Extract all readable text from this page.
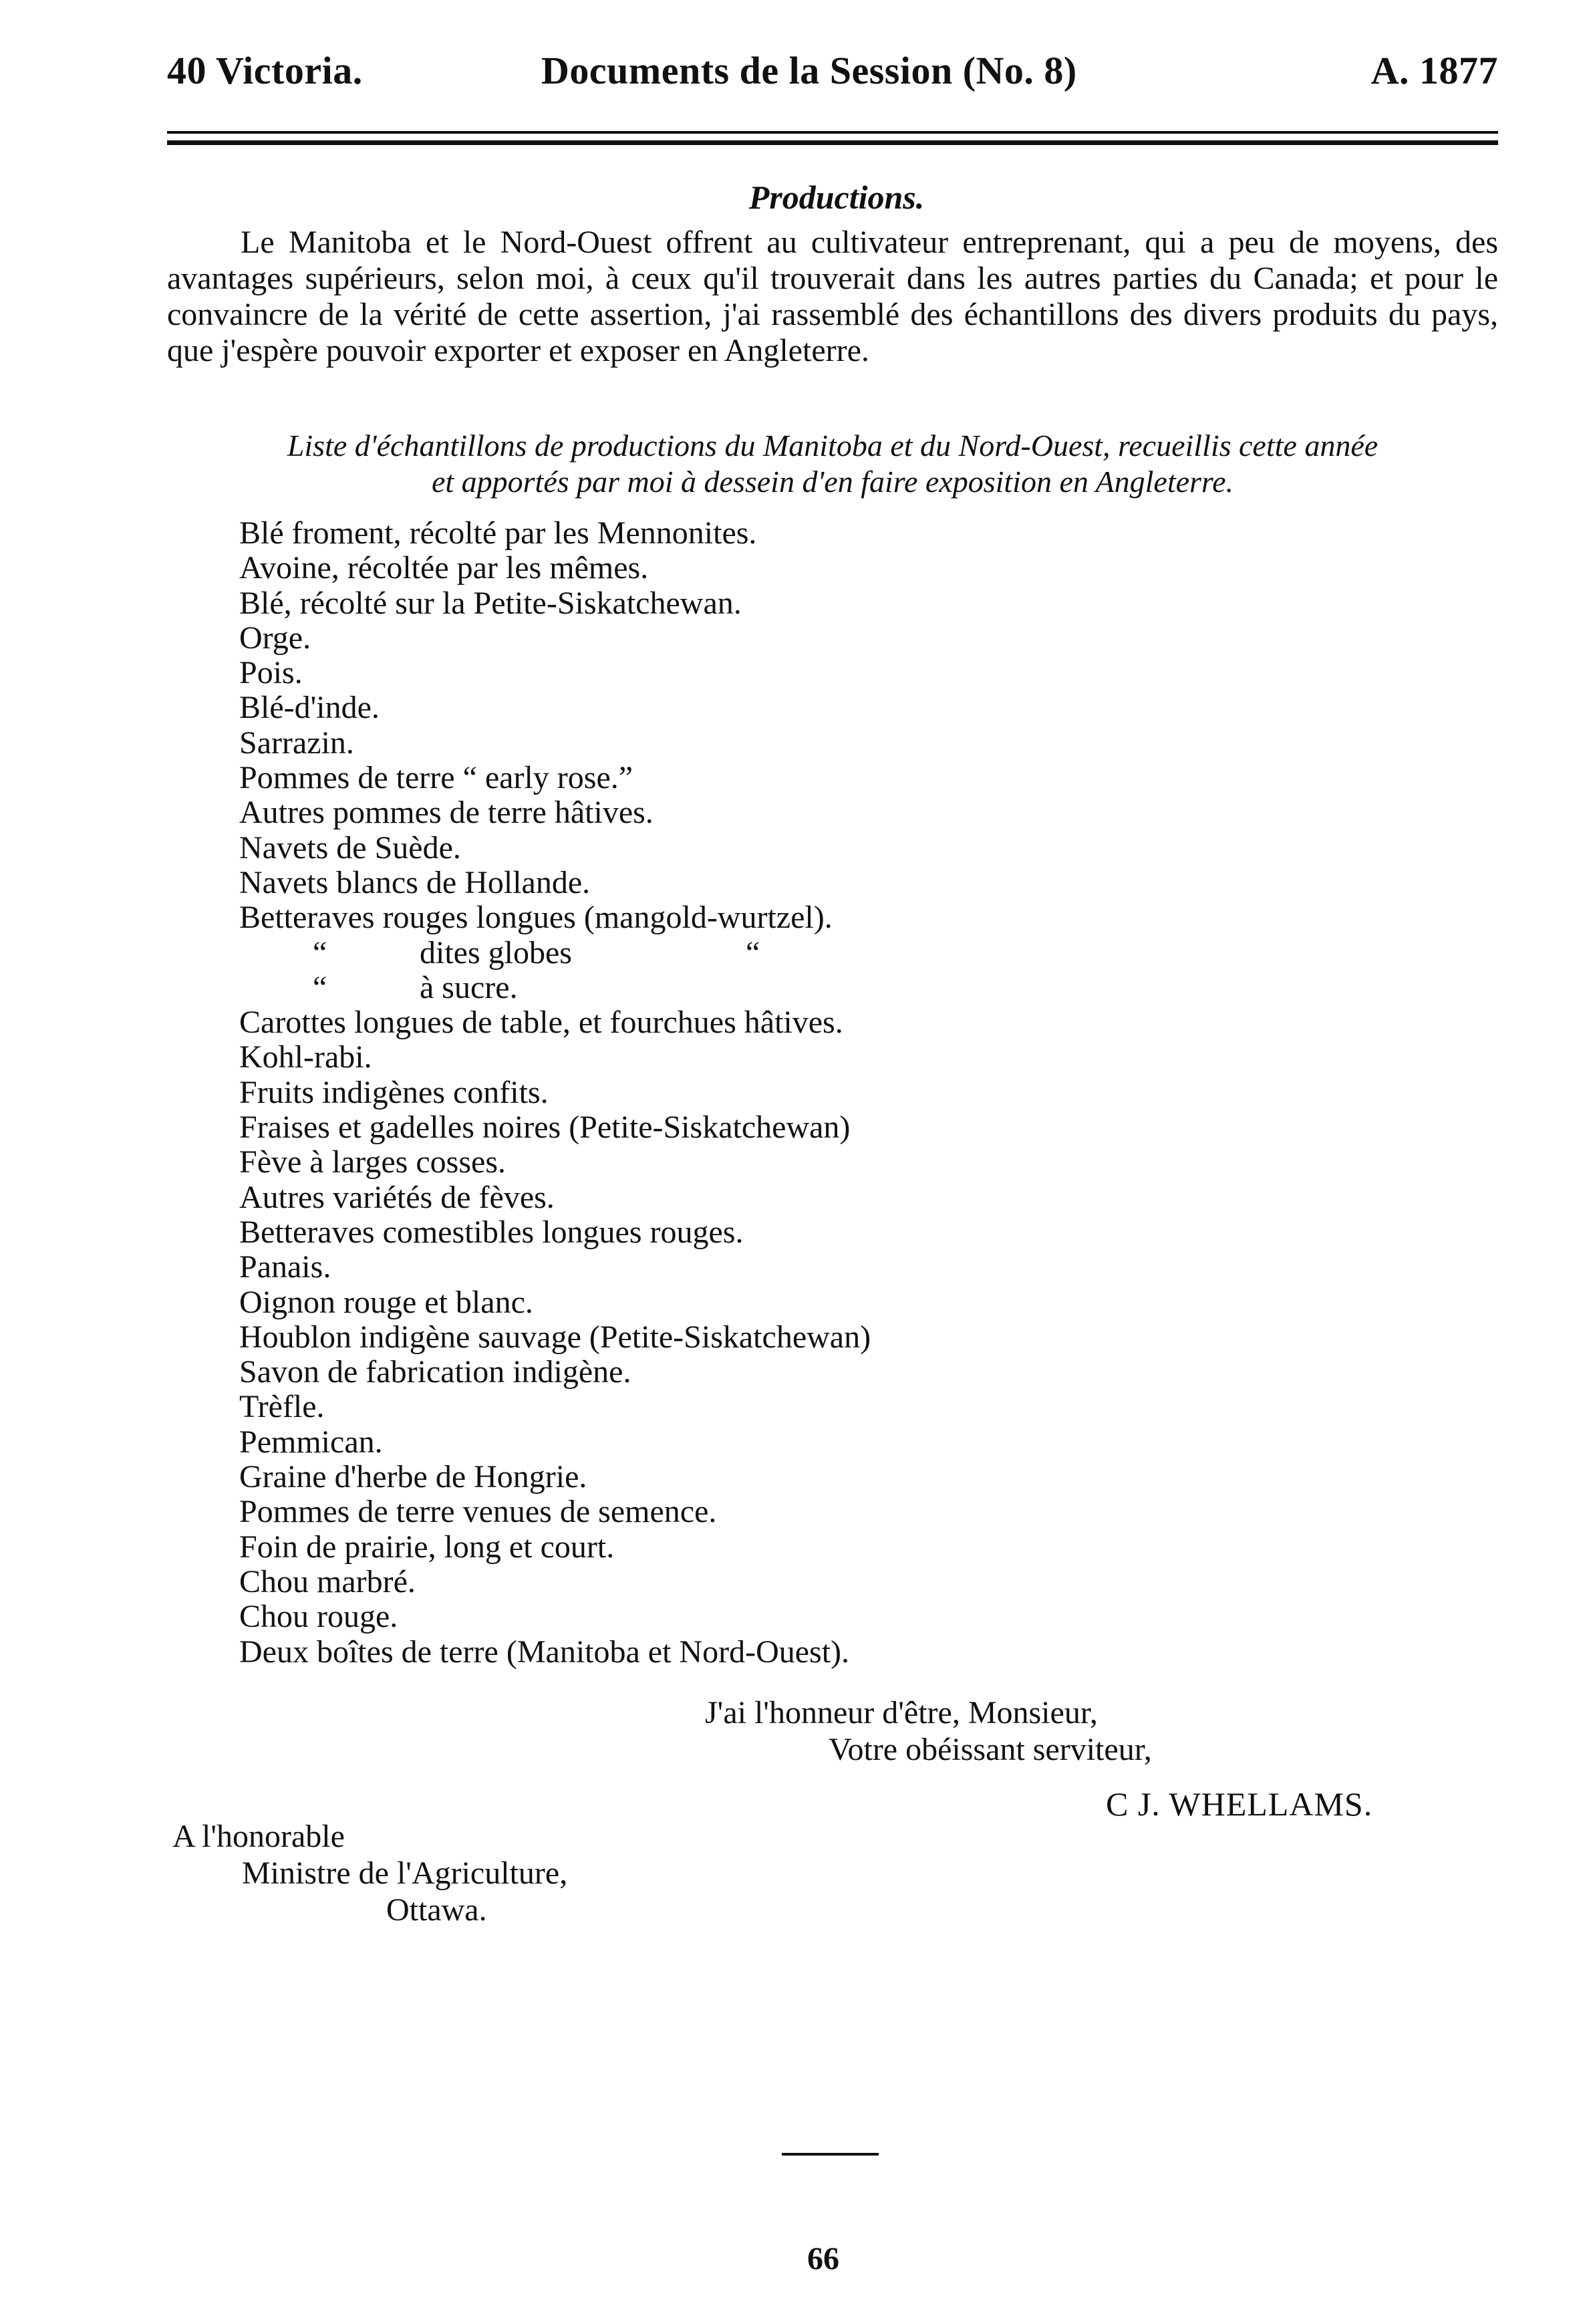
40 Victoria.	Documents de la Session (No. 8)	A. 1877
Productions.

Le Manitoba et le Nord-Ouest offrent au cultivateur entreprenant, qui a peu de moyens, des avantages supérieurs, selon moi, à ceux qu'il trouverait dans les autres parties du Canada; et pour le convaincre de la vérité de cette assertion, j'ai rassemblé des échantillons des divers produits du pays, que j'espère pouvoir exporter et exposer en Angleterre.

Liste d'échantillons de productions du Manitoba et du Nord-Ouest, recueillis cette année
et apportés par moi à dessein d'en faire exposition en Angleterre.
Blé froment, récolté par les Mennonites.
Avoine, récoltée par les mêmes.
Blé, récolté sur la Petite-Siskatchewan.
Orge.
Pois.
Blé-d'inde.
Sarrazin.
Pommes de terre “ early rose.”
Autres pommes de terre hâtives.
Navets de Suède.
Navets blancs de Hollande.
Betteraves rouges longues (mangold-wurtzel).
“	dites globes	“
“	à sucre.
Carottes longues de table, et fourchues hâtives.
Kohl-rabi.
Fruits indigènes confits.
Fraises et gadelles noires (Petite-Siskatchewan)
Fève à larges cosses.
Autres variétés de fèves.
Betteraves comestibles longues rouges.
Panais.
Oignon rouge et blanc.
Houblon indigène sauvage (Petite-Siskatchewan)
Savon de fabrication indigène.
Trèfle.
Pemmican.
Graine d'herbe de Hongrie.
Pommes de terre venues de semence.
Foin de prairie, long et court.
Chou marbré.
Chou rouge.
Deux boîtes de terre (Manitoba et Nord-Ouest).
J'ai l'honneur d'être, Monsieur,
Votre obéissant serviteur,
C J. WHELLAMS.
A l'honorable
Ministre de l'Agriculture,
Ottawa.
66
